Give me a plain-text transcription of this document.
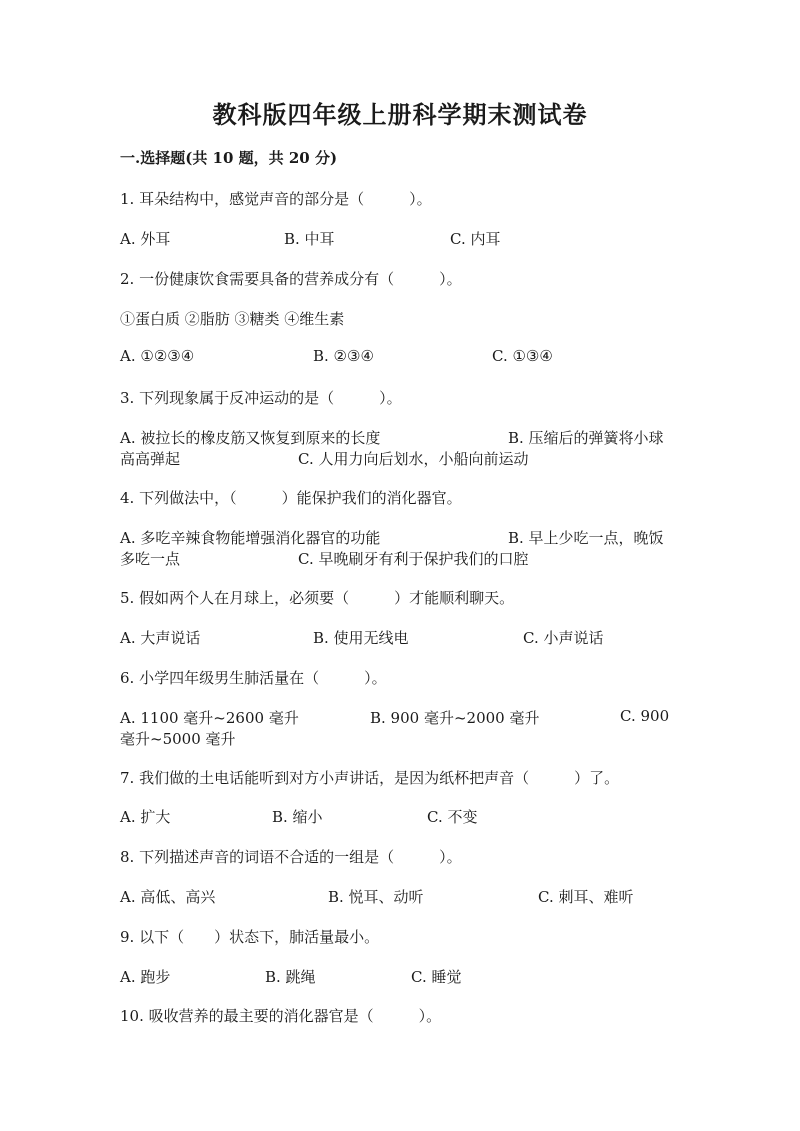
教科版四年级上册科学期末测试卷
一.选择题(共 10 题，共 20 分)
1. 耳朵结构中，感觉声音的部分是（　　　）。
A. 外耳	B. 中耳	C. 内耳
2. 一份健康饮食需要具备的营养成分有（　　　）。
①蛋白质 ②脂肪 ③糖类 ④维生素
A. ①②③④	B. ②③④	C. ①③④
3. 下列现象属于反冲运动的是（　　　）。
A. 被拉长的橡皮筋又恢复到原来的长度	B. 压缩后的弹簧将小球
高高弹起	C. 人用力向后划水，小船向前运动
4. 下列做法中，（　　　）能保护我们的消化器官。
A. 多吃辛辣食物能增强消化器官的功能	B. 早上少吃一点，晚饭
多吃一点	C. 早晚刷牙有利于保护我们的口腔
5. 假如两个人在月球上，必须要（　　　）才能顺利聊天。
A. 大声说话	B. 使用无线电	C. 小声说话
6. 小学四年级男生肺活量在（　　　）。
A. 1100 毫升~2600 毫升	B. 900 毫升~2000 毫升	C. 900
毫升~5000 毫升
7. 我们做的土电话能听到对方小声讲话，是因为纸杯把声音（　　　）了。
A. 扩大	B. 缩小	C. 不变
8. 下列描述声音的词语不合适的一组是（　　　）。
A. 高低、高兴	B. 悦耳、动听	C. 刺耳、难听
9. 以下（　　）状态下，肺活量最小。
A. 跑步	B. 跳绳	C. 睡觉
10. 吸收营养的最主要的消化器官是（　　　）。
